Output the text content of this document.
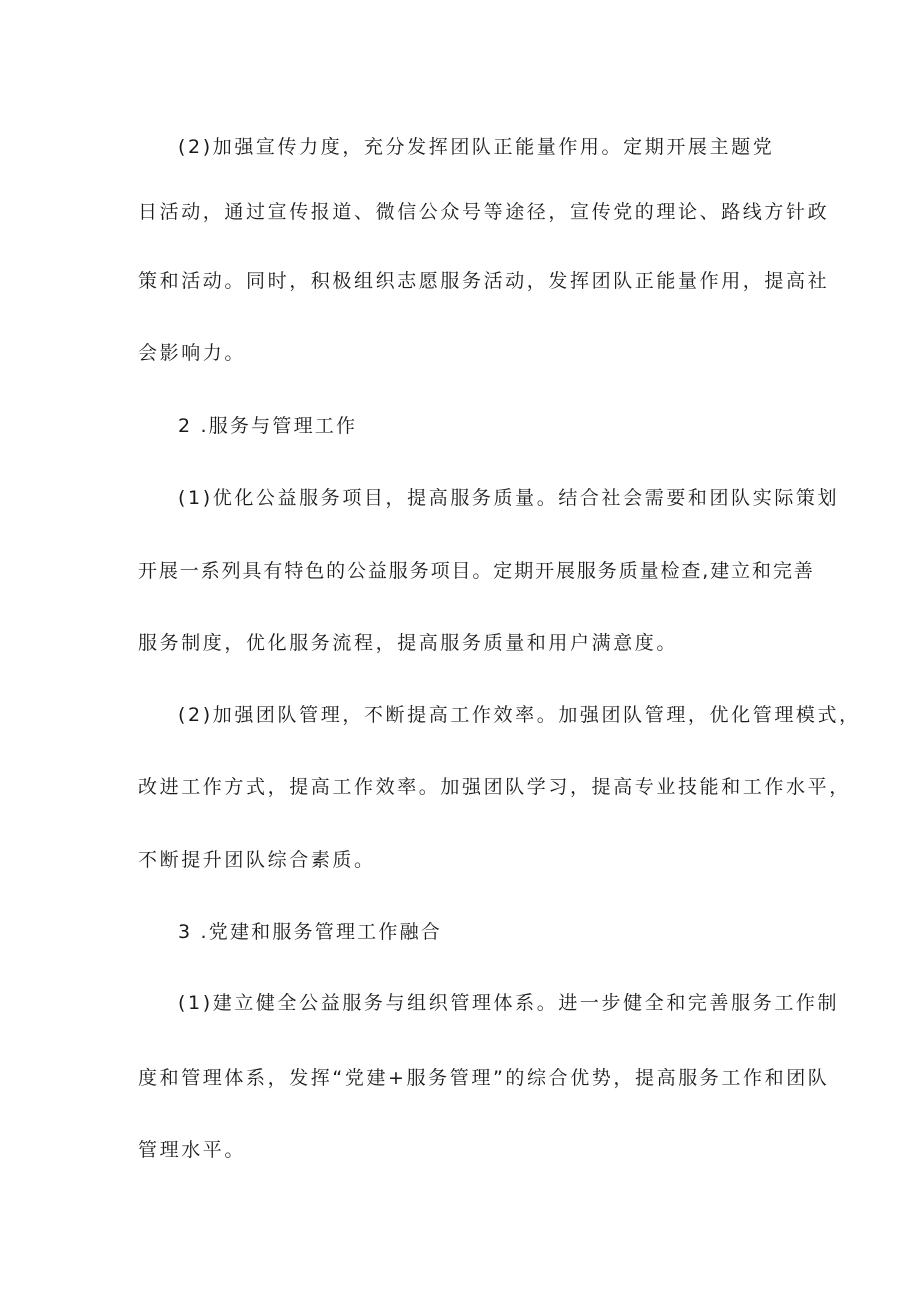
(2)加强宣传力度，充分发挥团队正能量作用。定期开展主题党
日活动，通过宣传报道、微信公众号等途径，宣传党的理论、路线方针政
策和活动。同时，积极组织志愿服务活动，发挥团队正能量作用，提高社
会影响力。
2 .服务与管理工作
(1)优化公益服务项目，提高服务质量。结合社会需要和团队实际策划
开展一系列具有特色的公益服务项目。定期开展服务质量检查,建立和完善
服务制度，优化服务流程，提高服务质量和用户满意度。
(2)加强团队管理，不断提高工作效率。加强团队管理，优化管理模式，
改进工作方式，提高工作效率。加强团队学习，提高专业技能和工作水平，
不断提升团队综合素质。
3 .党建和服务管理工作融合
(1)建立健全公益服务与组织管理体系。进一步健全和完善服务工作制
度和管理体系，发挥“党建+服务管理”的综合优势，提高服务工作和团队
管理水平。
